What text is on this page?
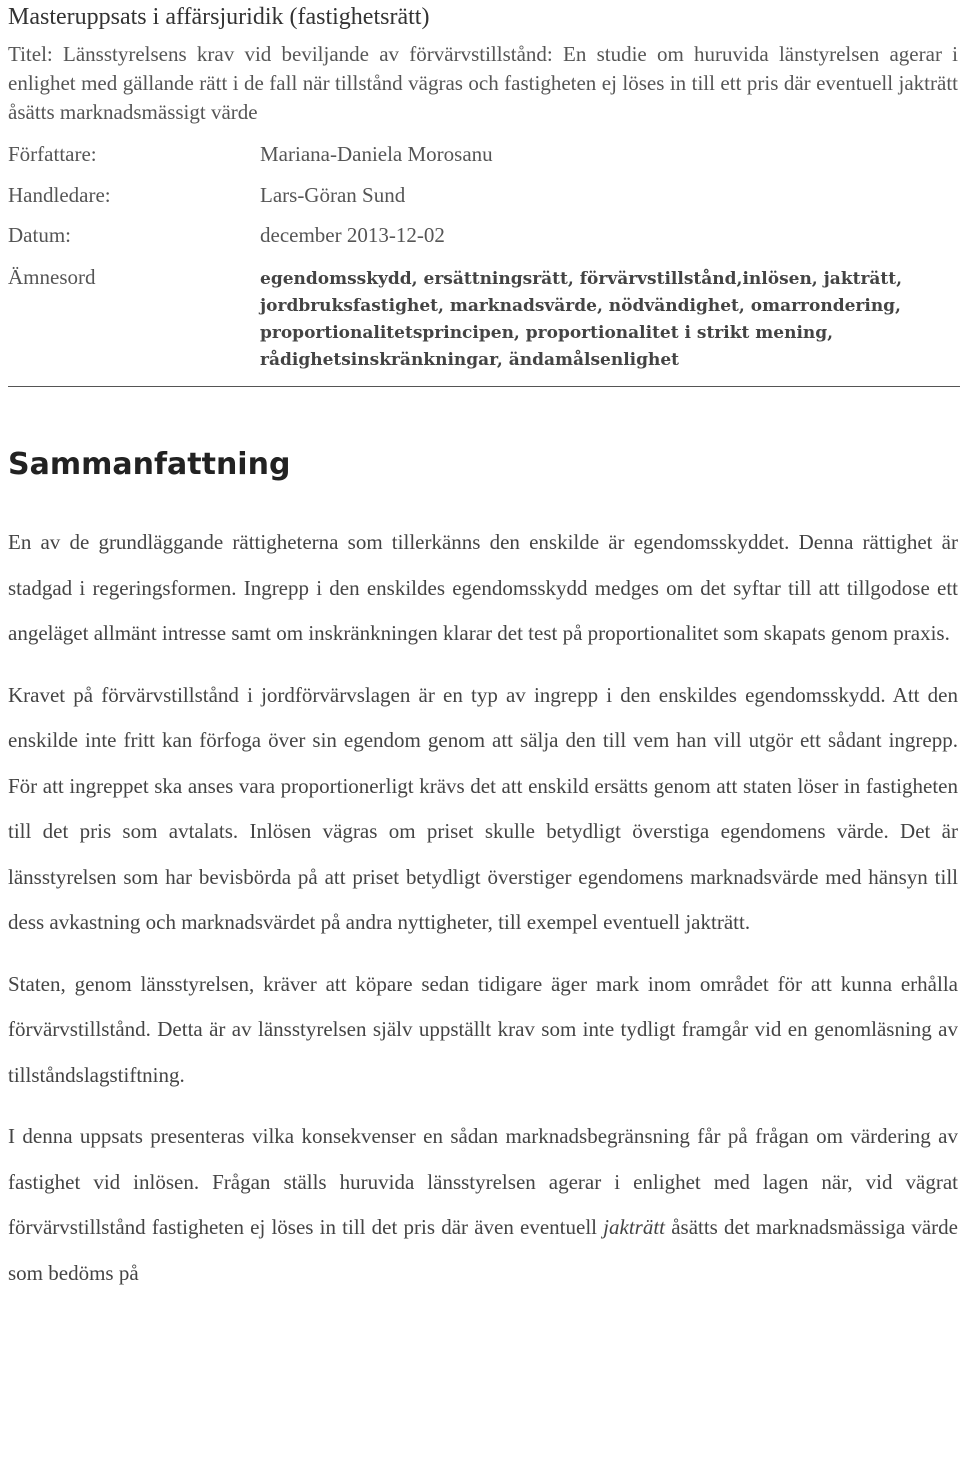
Masteruppsats i affärsjuridik (fastighetsrätt)
Titel: Länsstyrelsens krav vid beviljande av förvärvstillstånd: En studie om huruvida länstyrelsen agerar i enlighet med gällande rätt i de fall när tillstånd vägras och fastigheten ej löses in till ett pris där eventuell jakträtt åsätts marknadsmässigt värde
Författare:	Mariana-Daniela Morosanu
Handledare:	Lars-Göran Sund
Datum:	december 2013-12-02
Ämnesord	egendomsskydd, ersättningsrätt, förvärvstillstånd,inlösen, jakträtt, jordbruksfastighet, marknadsvärde, nödvändighet, omarrondering, proportionalitetsprincipen, proportionalitet i strikt mening, rådighetsinskränkningar, ändamålsenlighet
Sammanfattning

En av de grundläggande rättigheterna som tillerkänns den enskilde är egendomsskyddet. Denna rättighet är stadgad i regeringsformen. Ingrepp i den enskildes egendomsskydd medges om det syftar till att tillgodose ett angeläget allmänt intresse samt om inskränkningen klarar det test på proportionalitet som skapats genom praxis.

Kravet på förvärvstillstånd i jordförvärvslagen är en typ av ingrepp i den enskildes egendomsskydd. Att den enskilde inte fritt kan förfoga över sin egendom genom att sälja den till vem han vill utgör ett sådant ingrepp. För att ingreppet ska anses vara proportionerligt krävs det att enskild ersätts genom att staten löser in fastigheten till det pris som avtalats. Inlösen vägras om priset skulle betydligt överstiga egendomens värde. Det är länsstyrelsen som har bevisbörda på att priset betydligt överstiger egendomens marknadsvärde med hänsyn till dess avkastning och marknadsvärdet på andra nyttigheter, till exempel eventuell jakträtt.

Staten, genom länsstyrelsen, kräver att köpare sedan tidigare äger mark inom området för att kunna erhålla förvärvstillstånd. Detta är av länsstyrelsen själv uppställt krav som inte tydligt framgår vid en genomläsning av tillståndslagstiftning.

I denna uppsats presenteras vilka konsekvenser en sådan marknadsbegränsning får på frågan om värdering av fastighet vid inlösen. Frågan ställs huruvida länsstyrelsen agerar i enlighet med lagen när, vid vägrat förvärvstillstånd fastigheten ej löses in till det pris där även eventuell jakträtt åsätts det marknadsmässiga värde som bedöms på
